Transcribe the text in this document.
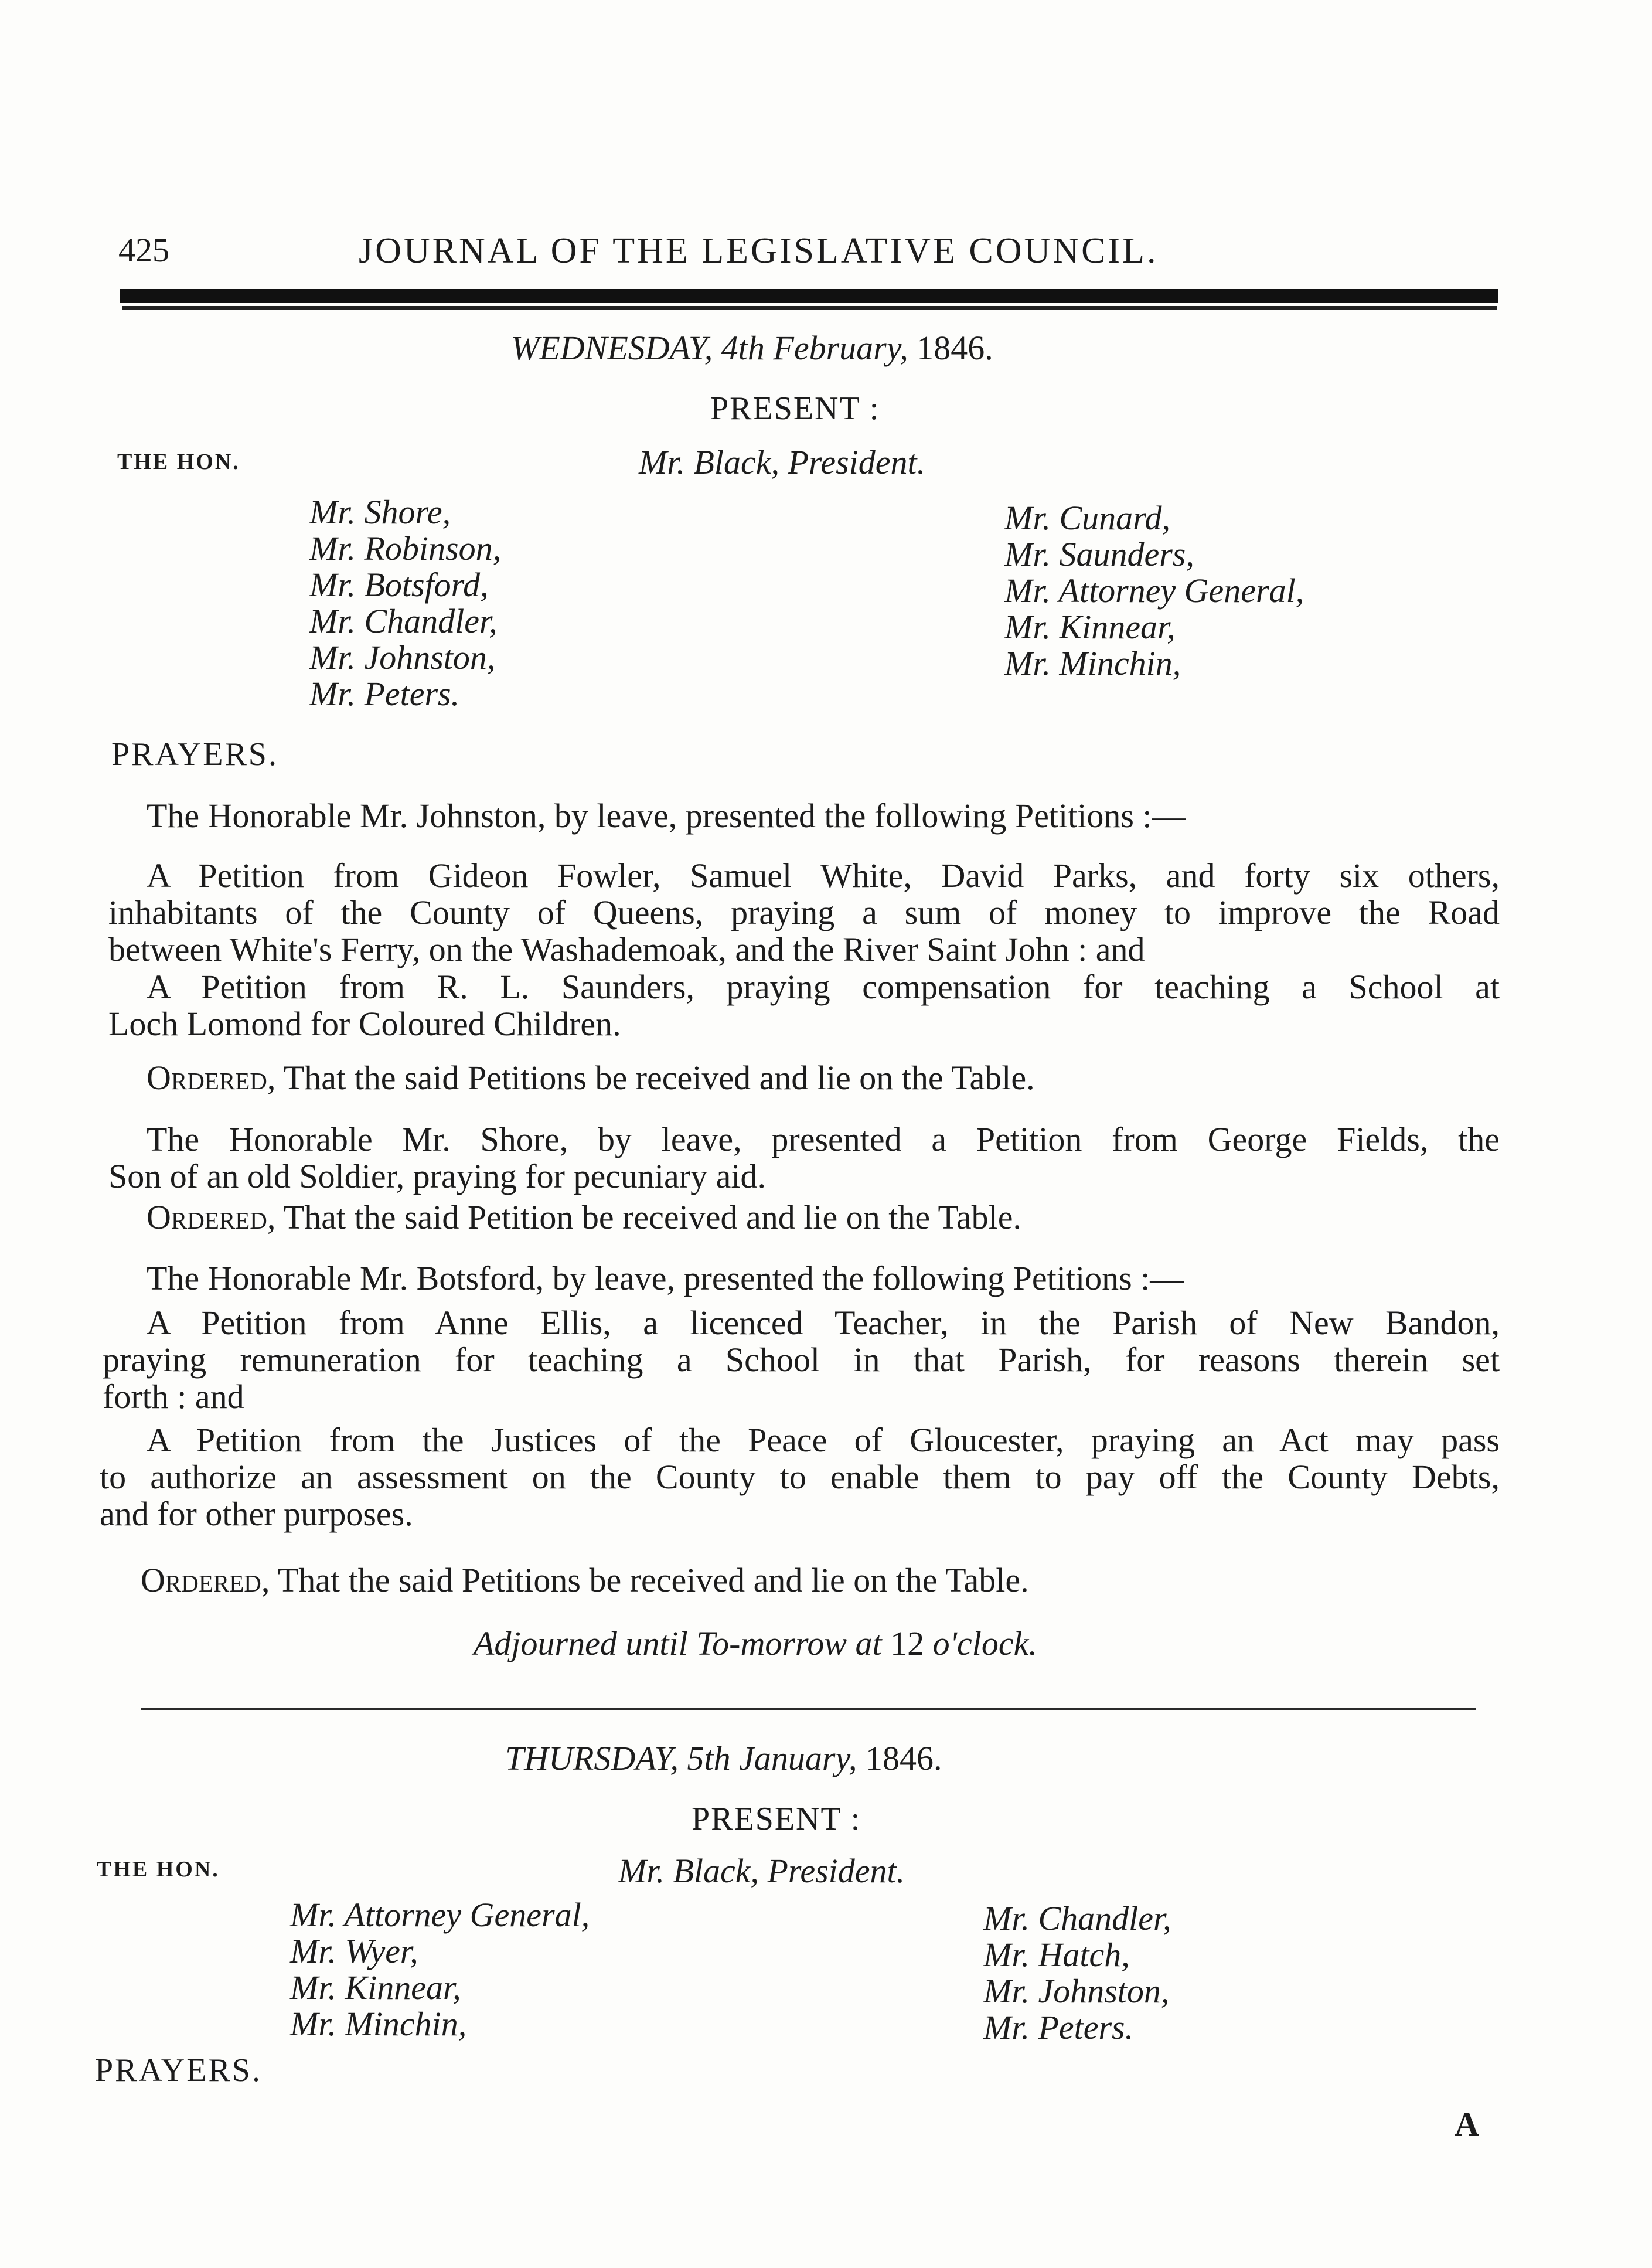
425	JOURNAL OF THE LEGISLATIVE COUNCIL.
WEDNESDAY, 4th February, 1846.
PRESENT :
THE HON.	Mr. Black, President.
Mr. Shore,
Mr. Robinson,
Mr. Botsford,
Mr. Chandler,
Mr. Johnston,
Mr. Peters.
Mr. Cunard,
Mr. Saunders,
Mr. Attorney General,
Mr. Kinnear,
Mr. Minchin,
PRAYERS.
The Honorable Mr. Johnston, by leave, presented the following Petitions :—
A Petition from Gideon Fowler, Samuel White, David Parks, and forty six others,
inhabitants of the County of Queens, praying a sum of money to improve the Road
between White's Ferry, on the Washademoak, and the River Saint John : and
A Petition from R. L. Saunders, praying compensation for teaching a School at
Loch Lomond for Coloured Children.
Ordered, That the said Petitions be received and lie on the Table.
The Honorable Mr. Shore, by leave, presented a Petition from George Fields, the
Son of an old Soldier, praying for pecuniary aid.
Ordered, That the said Petition be received and lie on the Table.
The Honorable Mr. Botsford, by leave, presented the following Petitions :—
A Petition from Anne Ellis, a licenced Teacher, in the Parish of New Bandon,
praying remuneration for teaching a School in that Parish, for reasons therein set
forth : and
A Petition from the Justices of the Peace of Gloucester, praying an Act may pass
to authorize an assessment on the County to enable them to pay off the County Debts,
and for other purposes.
Ordered, That the said Petitions be received and lie on the Table.
Adjourned until To-morrow at 12 o'clock.
THURSDAY, 5th January, 1846.
PRESENT :
THE HON.	Mr. Black, President.
Mr. Attorney General,
Mr. Wyer,
Mr. Kinnear,
Mr. Minchin,
Mr. Chandler,
Mr. Hatch,
Mr. Johnston,
Mr. Peters.
PRAYERS.
A
